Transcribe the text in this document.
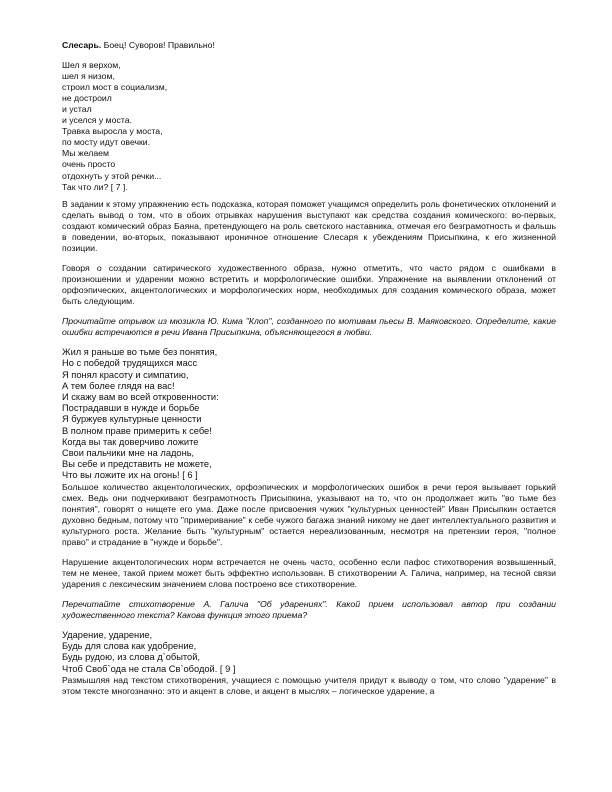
Слесарь. Боец! Суворов! Правильно!
Шел я верхом,
шел я низом,
строил мост в социализм,
не достроил
и устал
и уселся у моста.
Травка выросла у моста,
по мосту идут овечки.
Мы желаем
очень просто
отдохнуть у этой речки...
Так что ли? [ 7 ].

В задании к этому упражнению есть подсказка, которая поможет учащимся определить роль фонетических отклонений и сделать вывод о том, что в обоих отрывках нарушения выступают как средства создания комического: во-первых, создают комический образ Баяна, претендующего на роль светского наставника, отмечая его безграмотность и фальшь в поведении, во-вторых, показывают ироничное отношение Слесаря к убеждениям Присыпкина, к его жизненной позиции.

Говоря о создании сатирического художественного образа, нужно отметить, что часто рядом с ошибками в произношении и ударении можно встретить и морфологические ошибки. Упражнение на выявлении отклонений от орфоэпических, акцентологических и морфологических норм, необходимых для создания комического образа, может быть следующим.

Прочитайте отрывок из мюзикла Ю. Кима "Клоп", созданного по мотивам пьесы В. Маяковского. Определите, какие ошибки встречаются в речи Ивана Присыпкина, объясняющегося в любви.

Жил я раньше во тьме без понятия,
Но с победой трудящихся масс
Я понял красоту и симпатию,
А тем более глядя на вас!
И скажу вам во всей откровенности:
Пострадавши в нужде и борьбе
Я буржуев культурные ценности
В полном праве примерить к себе!
Когда вы так доверчиво ложите
Свои пальчики мне на ладонь,
Вы себе и представить не можете,
Что вы ложите их на огонь! [ 6 ]

Большое количество акцентологических, орфоэпических и морфологических ошибок в речи героя вызывает горький смех. Ведь они подчеркивают безграмотность Присыпкина, указывают на то, что он продолжает жить "во тьме без понятия", говорят о нищете его ума. Даже после присвоения чужих "культурных ценностей" Иван Присыпкин остается духовно бедным, потому что "примеривание" к себе чужого багажа знаний никому не дает интеллектуального развития и культурного роста. Желание быть "культурным" остается нереализованным, несмотря на претензии героя, "полное право" и страдание в "нужде и борьбе".

Нарушение акцентологических норм встречается не очень часто, особенно если пафос стихотворения возвышенный, тем не менее, такой прием может быть эффектно использован. В стихотворении А. Галича, например, на тесной связи ударения с лексическим значением слова построено все стихотворение.

Перечитайте стихотворение А. Галича "Об ударениях". Какой прием использовал автор при создании художественного текста? Какова функция этого приема?

Ударение, ударение,
Будь для слова как удобрение,
Будь рудою, из слова д`обытой,
Чтоб Своб`ода не стала Св`ободой. [ 9 ]

Размышляя над текстом стихотворения, учащиеся с помощью учителя придут к выводу о том, что слово "ударение" в этом тексте многозначно: это и акцент в слове, и акцент в мыслях – логическое ударение, а
